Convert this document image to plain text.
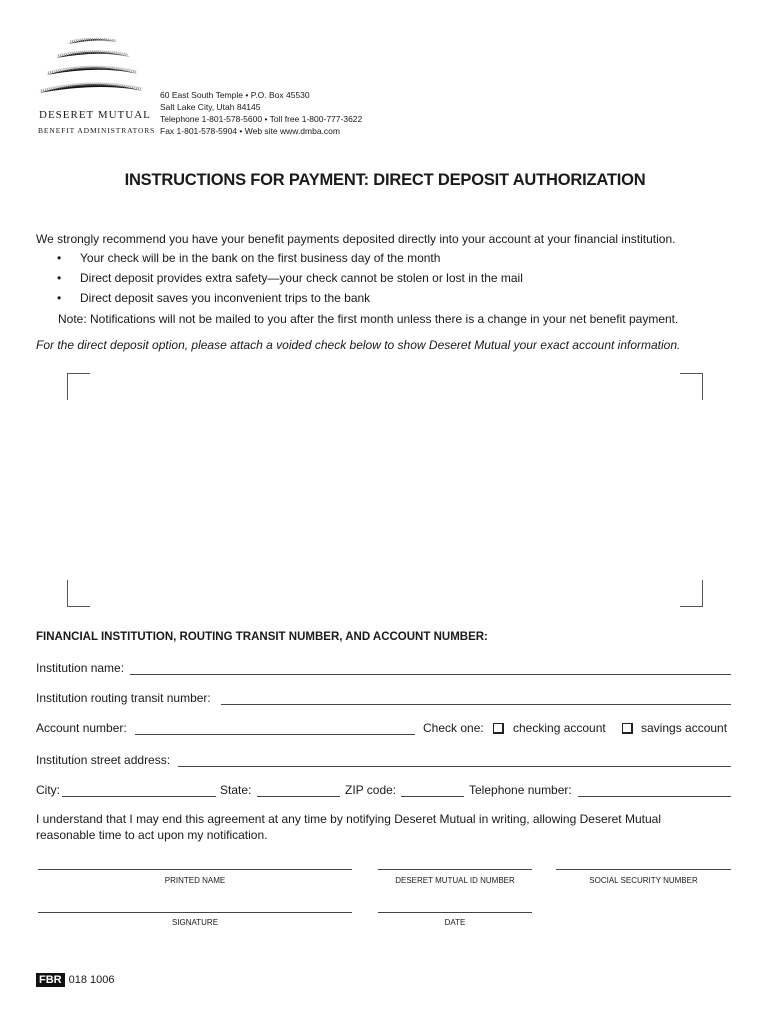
DESERET MUTUAL
BENEFIT ADMINISTRATORS
60 East South Temple • P.O. Box 45530
Salt Lake City, Utah 84145
Telephone 1-801-578-5600 • Toll free 1-800-777-3622
Fax 1-801-578-5904 • Web site www.dmba.com
INSTRUCTIONS FOR PAYMENT: DIRECT DEPOSIT AUTHORIZATION
We strongly recommend you have your benefit payments deposited directly into your account at your financial institution.
• Your check will be in the bank on the first business day of the month
• Direct deposit provides extra safety—your check cannot be stolen or lost in the mail
• Direct deposit saves you inconvenient trips to the bank
Note: Notifications will not be mailed to you after the first month unless there is a change in your net benefit payment.
For the direct deposit option, please attach a voided check below to show Deseret Mutual your exact account information.
FINANCIAL INSTITUTION, ROUTING TRANSIT NUMBER, AND ACCOUNT NUMBER:
Institution name:
Institution routing transit number:
Account number:	Check one: checking account	savings account
Institution street address:
City:	State:	ZIP code:	Telephone number:
I understand that I may end this agreement at any time by notifying Deseret Mutual in writing, allowing Deseret Mutual
reasonable time to act upon my notification.
PRINTED NAME	DESERET MUTUAL ID NUMBER	SOCIAL SECURITY NUMBER
SIGNATURE	DATE
FBR 018 1006
